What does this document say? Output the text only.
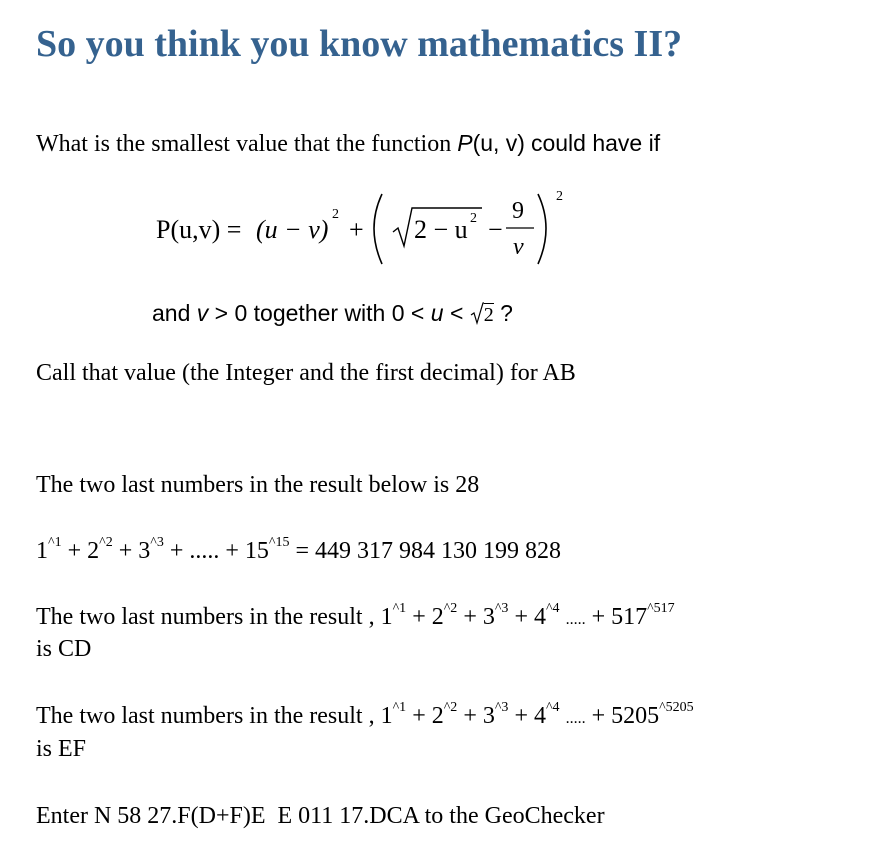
So you think you know mathematics II?
What is the smallest value that the function P(u, v) could have if
P(u,v) = (u − v)
2
+ 2 − u 2 −
9
v
2
and v > 0 together with 0 < u < 2 ?
Call that value (the Integer and the first decimal) for AB
The two last numbers in the result below is 28
$1^{\^{}1} + 2^{\^{}2} + 3^{\^{}3}$ + ..... + $15^{\^{}15} = 449$ 317 984 130 199 828
The two last numbers in the result , $1^{\^{}1} + 2^{\^{}2} + 3^{\^{}3} + 4^{\^{}4}$ ..... + $517^{\^{}517}$
is CD
The two last numbers in the result , $1^{\^{}1} + 2^{\^{}2} + 3^{\^{}3} + 4^{\^{}4}$ ..... + $5205^{\^{}5205}$
is EF
Enter N 58 27.F(D+F)E  E 011 17.DCA to the GeoChecker
